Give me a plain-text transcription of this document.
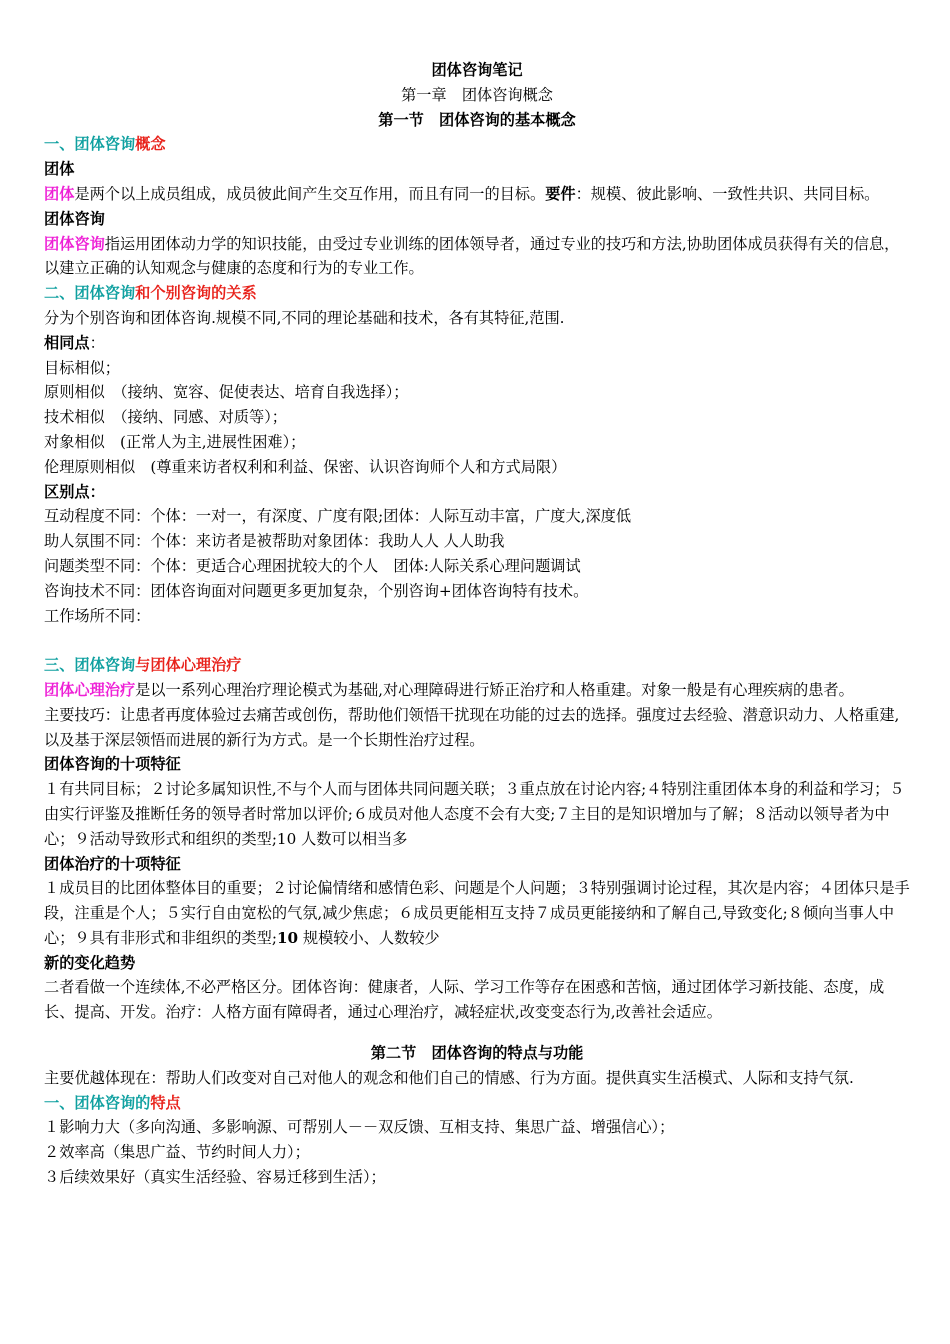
团体咨询笔记

第一章　团体咨询概念

第一节　团体咨询的基本概念

一、团体咨询概念

团体

团体是两个以上成员组成，成员彼此间产生交互作用，而且有同一的目标。要件：规模、彼此影响、一致性共识、共同目标。

团体咨询

团体咨询指运用团体动力学的知识技能，由受过专业训练的团体领导者，通过专业的技巧和方法,协助团体成员获得有关的信息，以建立正确的认知观念与健康的态度和行为的专业工作。

二、团体咨询和个别咨询的关系

分为个别咨询和团体咨询.规模不同,不同的理论基础和技术，各有其特征,范围.

相同点：

目标相似；

原则相似　（接纳、宽容、促使表达、培育自我选择）；

技术相似　（接纳、同感、对质等）；

对象相似　(正常人为主,进展性困难）；

伦理原则相似　(尊重来访者权利和利益、保密、认识咨询师个人和方式局限）

区别点：

互动程度不同：个体：一对一，有深度、广度有限;团体：人际互动丰富，广度大,深度低

助人氛围不同：个体：来访者是被帮助对象团体：我助人人 人人助我

问题类型不同：个体：更适合心理困扰较大的个人　团体:人际关系心理问题调试

咨询技术不同：团体咨询面对问题更多更加复杂，个别咨询+团体咨询特有技术。

工作场所不同：

三、团体咨询与团体心理治疗

团体心理治疗是以一系列心理治疗理论模式为基础,对心理障碍进行矫正治疗和人格重建。对象一般是有心理疾病的患者。

主要技巧：让患者再度体验过去痛苦或创伤，帮助他们领悟干扰现在功能的过去的选择。强度过去经验、潜意识动力、人格重建,以及基于深层领悟而进展的新行为方式。是一个长期性治疗过程。

团体咨询的十项特征

１有共同目标；２讨论多属知识性,不与个人而与团体共同问题关联；３重点放在讨论内容;４特别注重团体本身的利益和学习；５由实行评鉴及推断任务的领导者时常加以评价;６成员对他人态度不会有大变;７主目的是知识增加与了解；８活动以领导者为中心；９活动导致形式和组织的类型;10 人数可以相当多

团体治疗的十项特征

１成员目的比团体整体目的重要；２讨论偏情绪和感情色彩、问题是个人问题；３特别强调讨论过程，其次是内容；４团体只是手段，注重是个人；５实行自由宽松的气氛,减少焦虑；６成员更能相互支持７成员更能接纳和了解自己,导致变化;８倾向当事人中心；９具有非形式和非组织的类型;10 规模较小、人数较少

新的变化趋势

二者看做一个连续体,不必严格区分。团体咨询：健康者，人际、学习工作等存在困惑和苦恼，通过团体学习新技能、态度，成长、提高、开发。治疗：人格方面有障碍者，通过心理治疗，减轻症状,改变变态行为,改善社会适应。

第二节　团体咨询的特点与功能

主要优越体现在：帮助人们改变对自己对他人的观念和他们自己的情感、行为方面。提供真实生活模式、人际和支持气氛.

一、团体咨询的特点

１影响力大（多向沟通、多影响源、可帮别人－－双反馈、互相支持、集思广益、增强信心）；

２效率高（集思广益、节约时间人力）；

３后续效果好（真实生活经验、容易迁移到生活）；
